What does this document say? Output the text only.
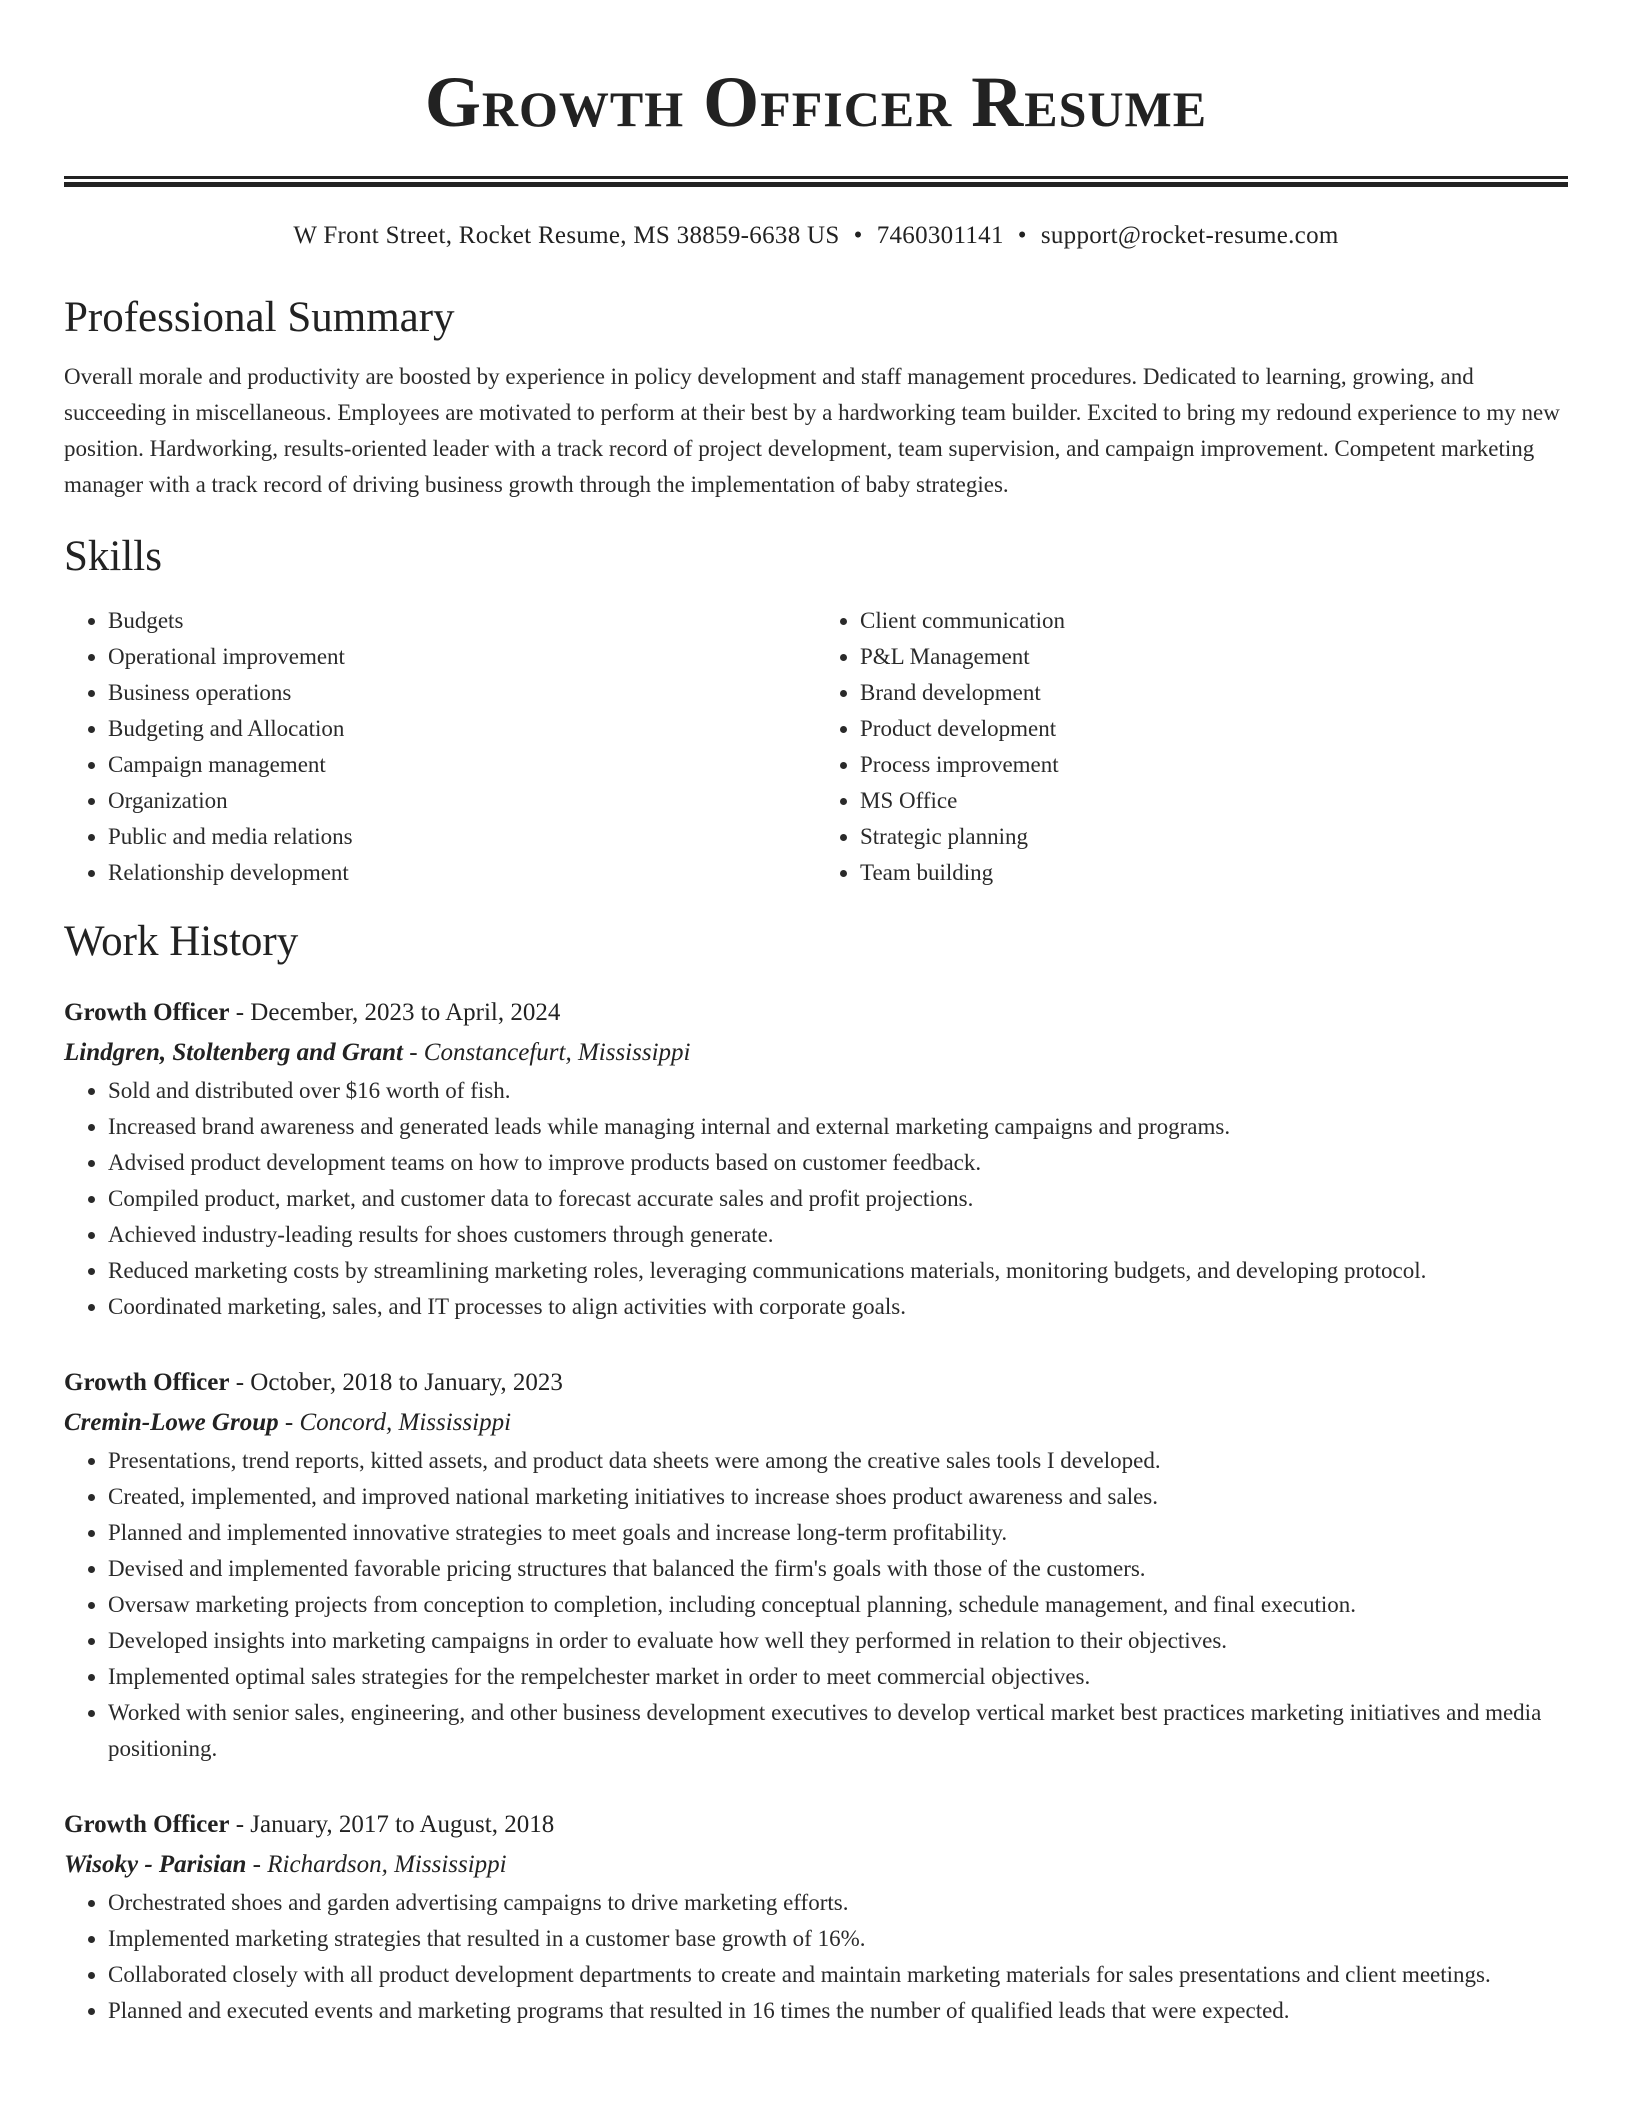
Growth Officer Resume
W Front Street, Rocket Resume, MS 38859-6638 US • 7460301141 • support@rocket-resume.com
Professional Summary
Overall morale and productivity are boosted by experience in policy development and staff management procedures. Dedicated to learning, growing, and succeeding in miscellaneous. Employees are motivated to perform at their best by a hardworking team builder. Excited to bring my redound experience to my new position. Hardworking, results-oriented leader with a track record of project development, team supervision, and campaign improvement. Competent marketing manager with a track record of driving business growth through the implementation of baby strategies.
Skills
• Budgets
• Operational improvement
• Business operations
• Budgeting and Allocation
• Campaign management
• Organization
• Public and media relations
• Relationship development
• Client communication
• P&L Management
• Brand development
• Product development
• Process improvement
• MS Office
• Strategic planning
• Team building
Work History
Growth Officer - December, 2023 to April, 2024
Lindgren, Stoltenberg and Grant - Constancefurt, Mississippi
• Sold and distributed over $16 worth of fish.
• Increased brand awareness and generated leads while managing internal and external marketing campaigns and programs.
• Advised product development teams on how to improve products based on customer feedback.
• Compiled product, market, and customer data to forecast accurate sales and profit projections.
• Achieved industry-leading results for shoes customers through generate.
• Reduced marketing costs by streamlining marketing roles, leveraging communications materials, monitoring budgets, and developing protocol.
• Coordinated marketing, sales, and IT processes to align activities with corporate goals.
Growth Officer - October, 2018 to January, 2023
Cremin-Lowe Group - Concord, Mississippi
• Presentations, trend reports, kitted assets, and product data sheets were among the creative sales tools I developed.
• Created, implemented, and improved national marketing initiatives to increase shoes product awareness and sales.
• Planned and implemented innovative strategies to meet goals and increase long-term profitability.
• Devised and implemented favorable pricing structures that balanced the firm's goals with those of the customers.
• Oversaw marketing projects from conception to completion, including conceptual planning, schedule management, and final execution.
• Developed insights into marketing campaigns in order to evaluate how well they performed in relation to their objectives.
• Implemented optimal sales strategies for the rempelchester market in order to meet commercial objectives.
• Worked with senior sales, engineering, and other business development executives to develop vertical market best practices marketing initiatives and media positioning.
Growth Officer - January, 2017 to August, 2018
Wisoky - Parisian - Richardson, Mississippi
• Orchestrated shoes and garden advertising campaigns to drive marketing efforts.
• Implemented marketing strategies that resulted in a customer base growth of 16%.
• Collaborated closely with all product development departments to create and maintain marketing materials for sales presentations and client meetings.
• Planned and executed events and marketing programs that resulted in 16 times the number of qualified leads that were expected.
